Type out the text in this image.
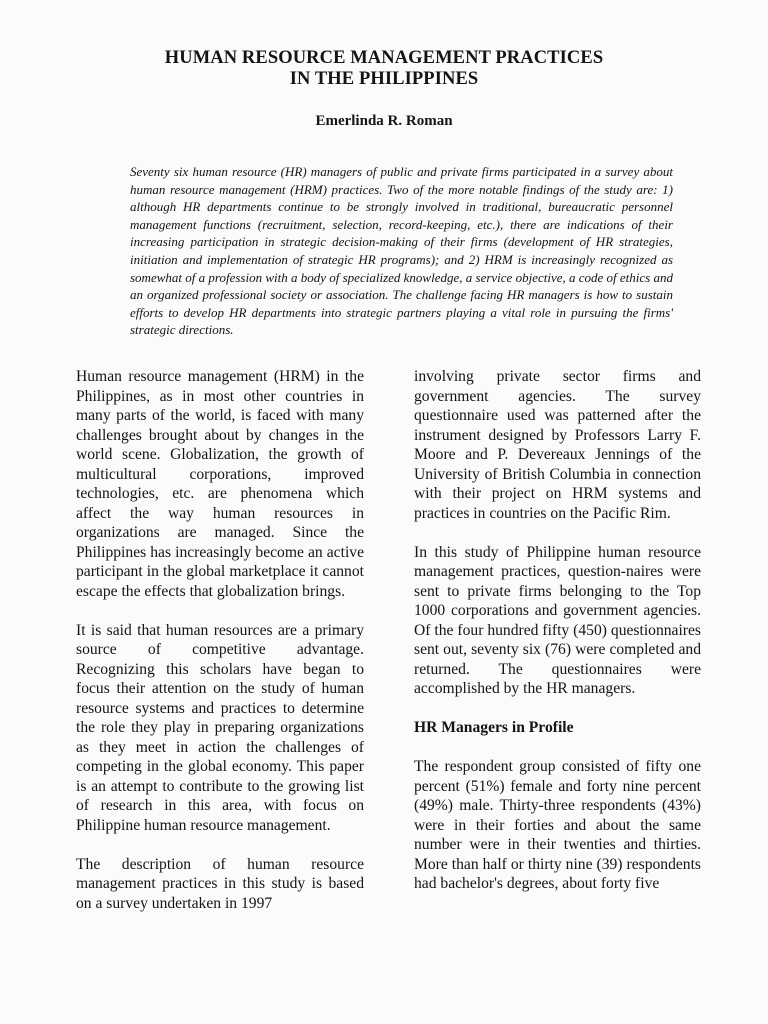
HUMAN RESOURCE MANAGEMENT PRACTICES
IN THE PHILIPPINES
Emerlinda R. Roman
Seventy six human resource (HR) managers of public and private firms participated in a survey about human resource management (HRM) practices. Two of the more notable findings of the study are: 1) although HR departments continue to be strongly involved in traditional, bureaucratic personnel management functions (recruitment, selection, record-keeping, etc.), there are indications of their increasing participation in strategic decision-making of their firms (development of HR strategies, initiation and implementation of strategic HR programs); and 2) HRM is increasingly recognized as somewhat of a profession with a body of specialized knowledge, a service objective, a code of ethics and an organized professional society or association. The challenge facing HR managers is how to sustain efforts to develop HR departments into strategic partners playing a vital role in pursuing the firms' strategic directions.

Human resource management (HRM) in the Philippines, as in most other countries in many parts of the world, is faced with many challenges brought about by changes in the world scene. Globalization, the growth of multicultural corporations, improved technologies, etc. are phenomena which affect the way human resources in organizations are managed. Since the Philippines has increasingly become an active participant in the global marketplace it cannot escape the effects that globalization brings.

It is said that human resources are a primary source of competitive advantage. Recognizing this scholars have began to focus their attention on the study of human resource systems and practices to determine the role they play in preparing organizations as they meet in action the challenges of competing in the global economy. This paper is an attempt to contribute to the growing list of research in this area, with focus on Philippine human resource management.

The description of human resource management practices in this study is based on a survey undertaken in 1997

involving private sector firms and government agencies. The survey questionnaire used was patterned after the instrument designed by Professors Larry F. Moore and P. Devereaux Jennings of the University of British Columbia in connection with their project on HRM systems and practices in countries on the Pacific Rim.

In this study of Philippine human resource management practices, question-naires were sent to private firms belonging to the Top 1000 corporations and government agencies. Of the four hundred fifty (450) questionnaires sent out, seventy six (76) were completed and returned. The questionnaires were accomplished by the HR managers.

HR Managers in Profile

The respondent group consisted of fifty one percent (51%) female and forty nine percent (49%) male. Thirty-three respondents (43%) were in their forties and about the same number were in their twenties and thirties. More than half or thirty nine (39) respondents had bachelor's degrees, about forty five
